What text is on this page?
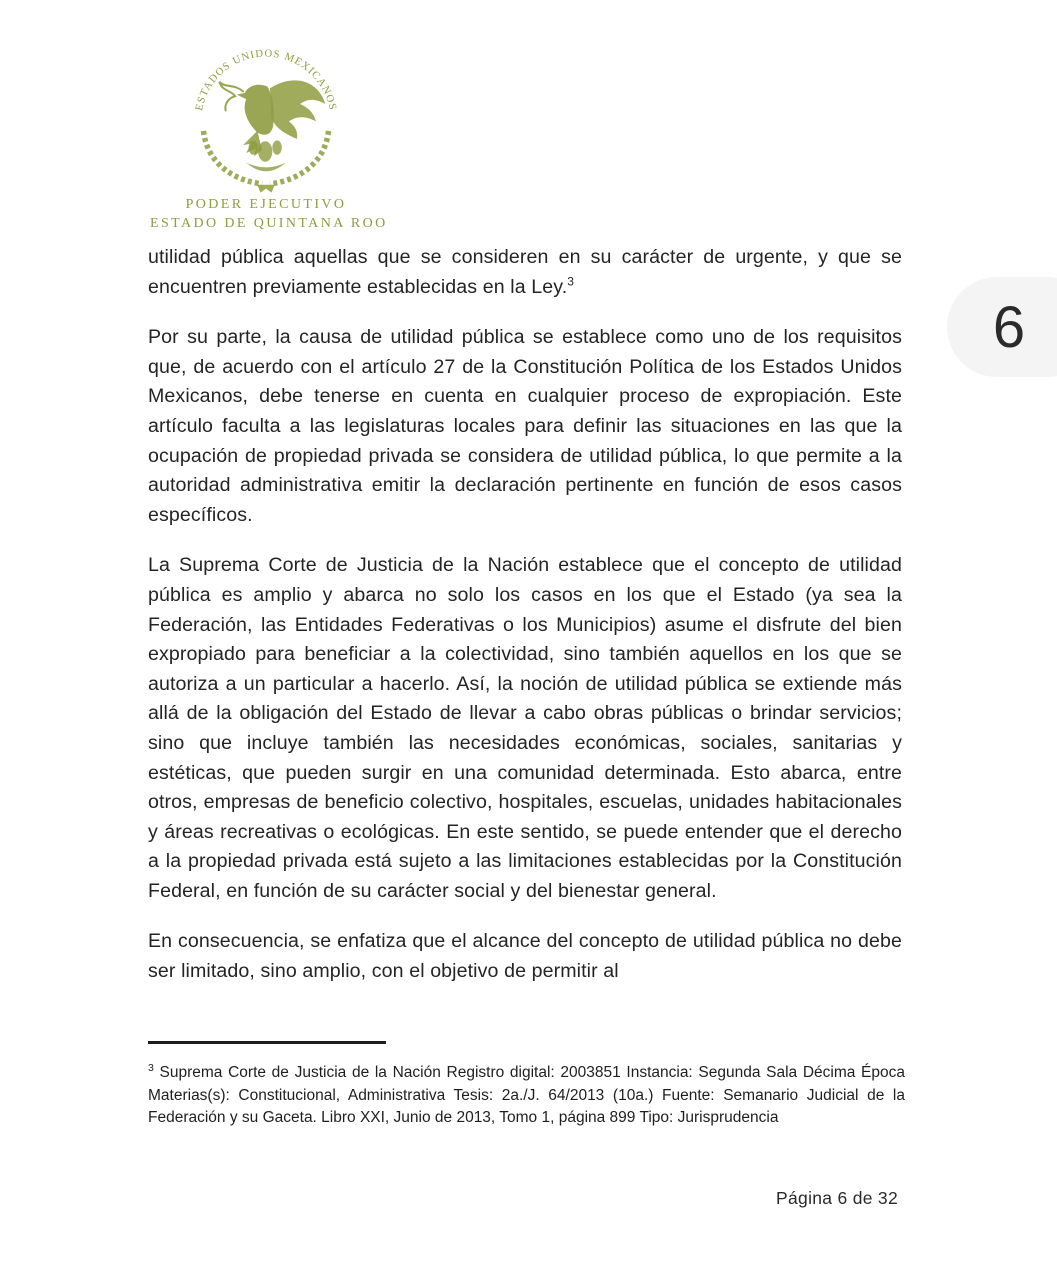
ESTADOS UNIDOS MEXICANOS
PODER EJECUTIVO
ESTADO DE QUINTANA ROO
6

utilidad pública aquellas que se consideren en su carácter de urgente, y que se encuentren previamente establecidas en la Ley.$^3$

Por su parte, la causa de utilidad pública se establece como uno de los requisitos que, de acuerdo con el artículo 27 de la Constitución Política de los Estados Unidos Mexicanos, debe tenerse en cuenta en cualquier proceso de expropiación. Este artículo faculta a las legislaturas locales para definir las situaciones en las que la ocupación de propiedad privada se considera de utilidad pública, lo que permite a la autoridad administrativa emitir la declaración pertinente en función de esos casos específicos.

La Suprema Corte de Justicia de la Nación establece que el concepto de utilidad pública es amplio y abarca no solo los casos en los que el Estado (ya sea la Federación, las Entidades Federativas o los Municipios) asume el disfrute del bien expropiado para beneficiar a la colectividad, sino también aquellos en los que se autoriza a un particular a hacerlo. Así, la noción de utilidad pública se extiende más allá de la obligación del Estado de llevar a cabo obras públicas o brindar servicios; sino que incluye también las necesidades económicas, sociales, sanitarias y estéticas, que pueden surgir en una comunidad determinada. Esto abarca, entre otros, empresas de beneficio colectivo, hospitales, escuelas, unidades habitacionales y áreas recreativas o ecológicas. En este sentido, se puede entender que el derecho a la propiedad privada está sujeto a las limitaciones establecidas por la Constitución Federal, en función de su carácter social y del bienestar general.

En consecuencia, se enfatiza que el alcance del concepto de utilidad pública no debe ser limitado, sino amplio, con el objetivo de permitir al

$^3$ Suprema Corte de Justicia de la Nación Registro digital: 2003851 Instancia: Segunda Sala Décima Época Materias(s): Constitucional, Administrativa Tesis: 2a./J. 64/2013 (10a.) Fuente: Semanario Judicial de la Federación y su Gaceta. Libro XXI, Junio de 2013, Tomo 1, página 899 Tipo: Jurisprudencia

Página 6 de 32
